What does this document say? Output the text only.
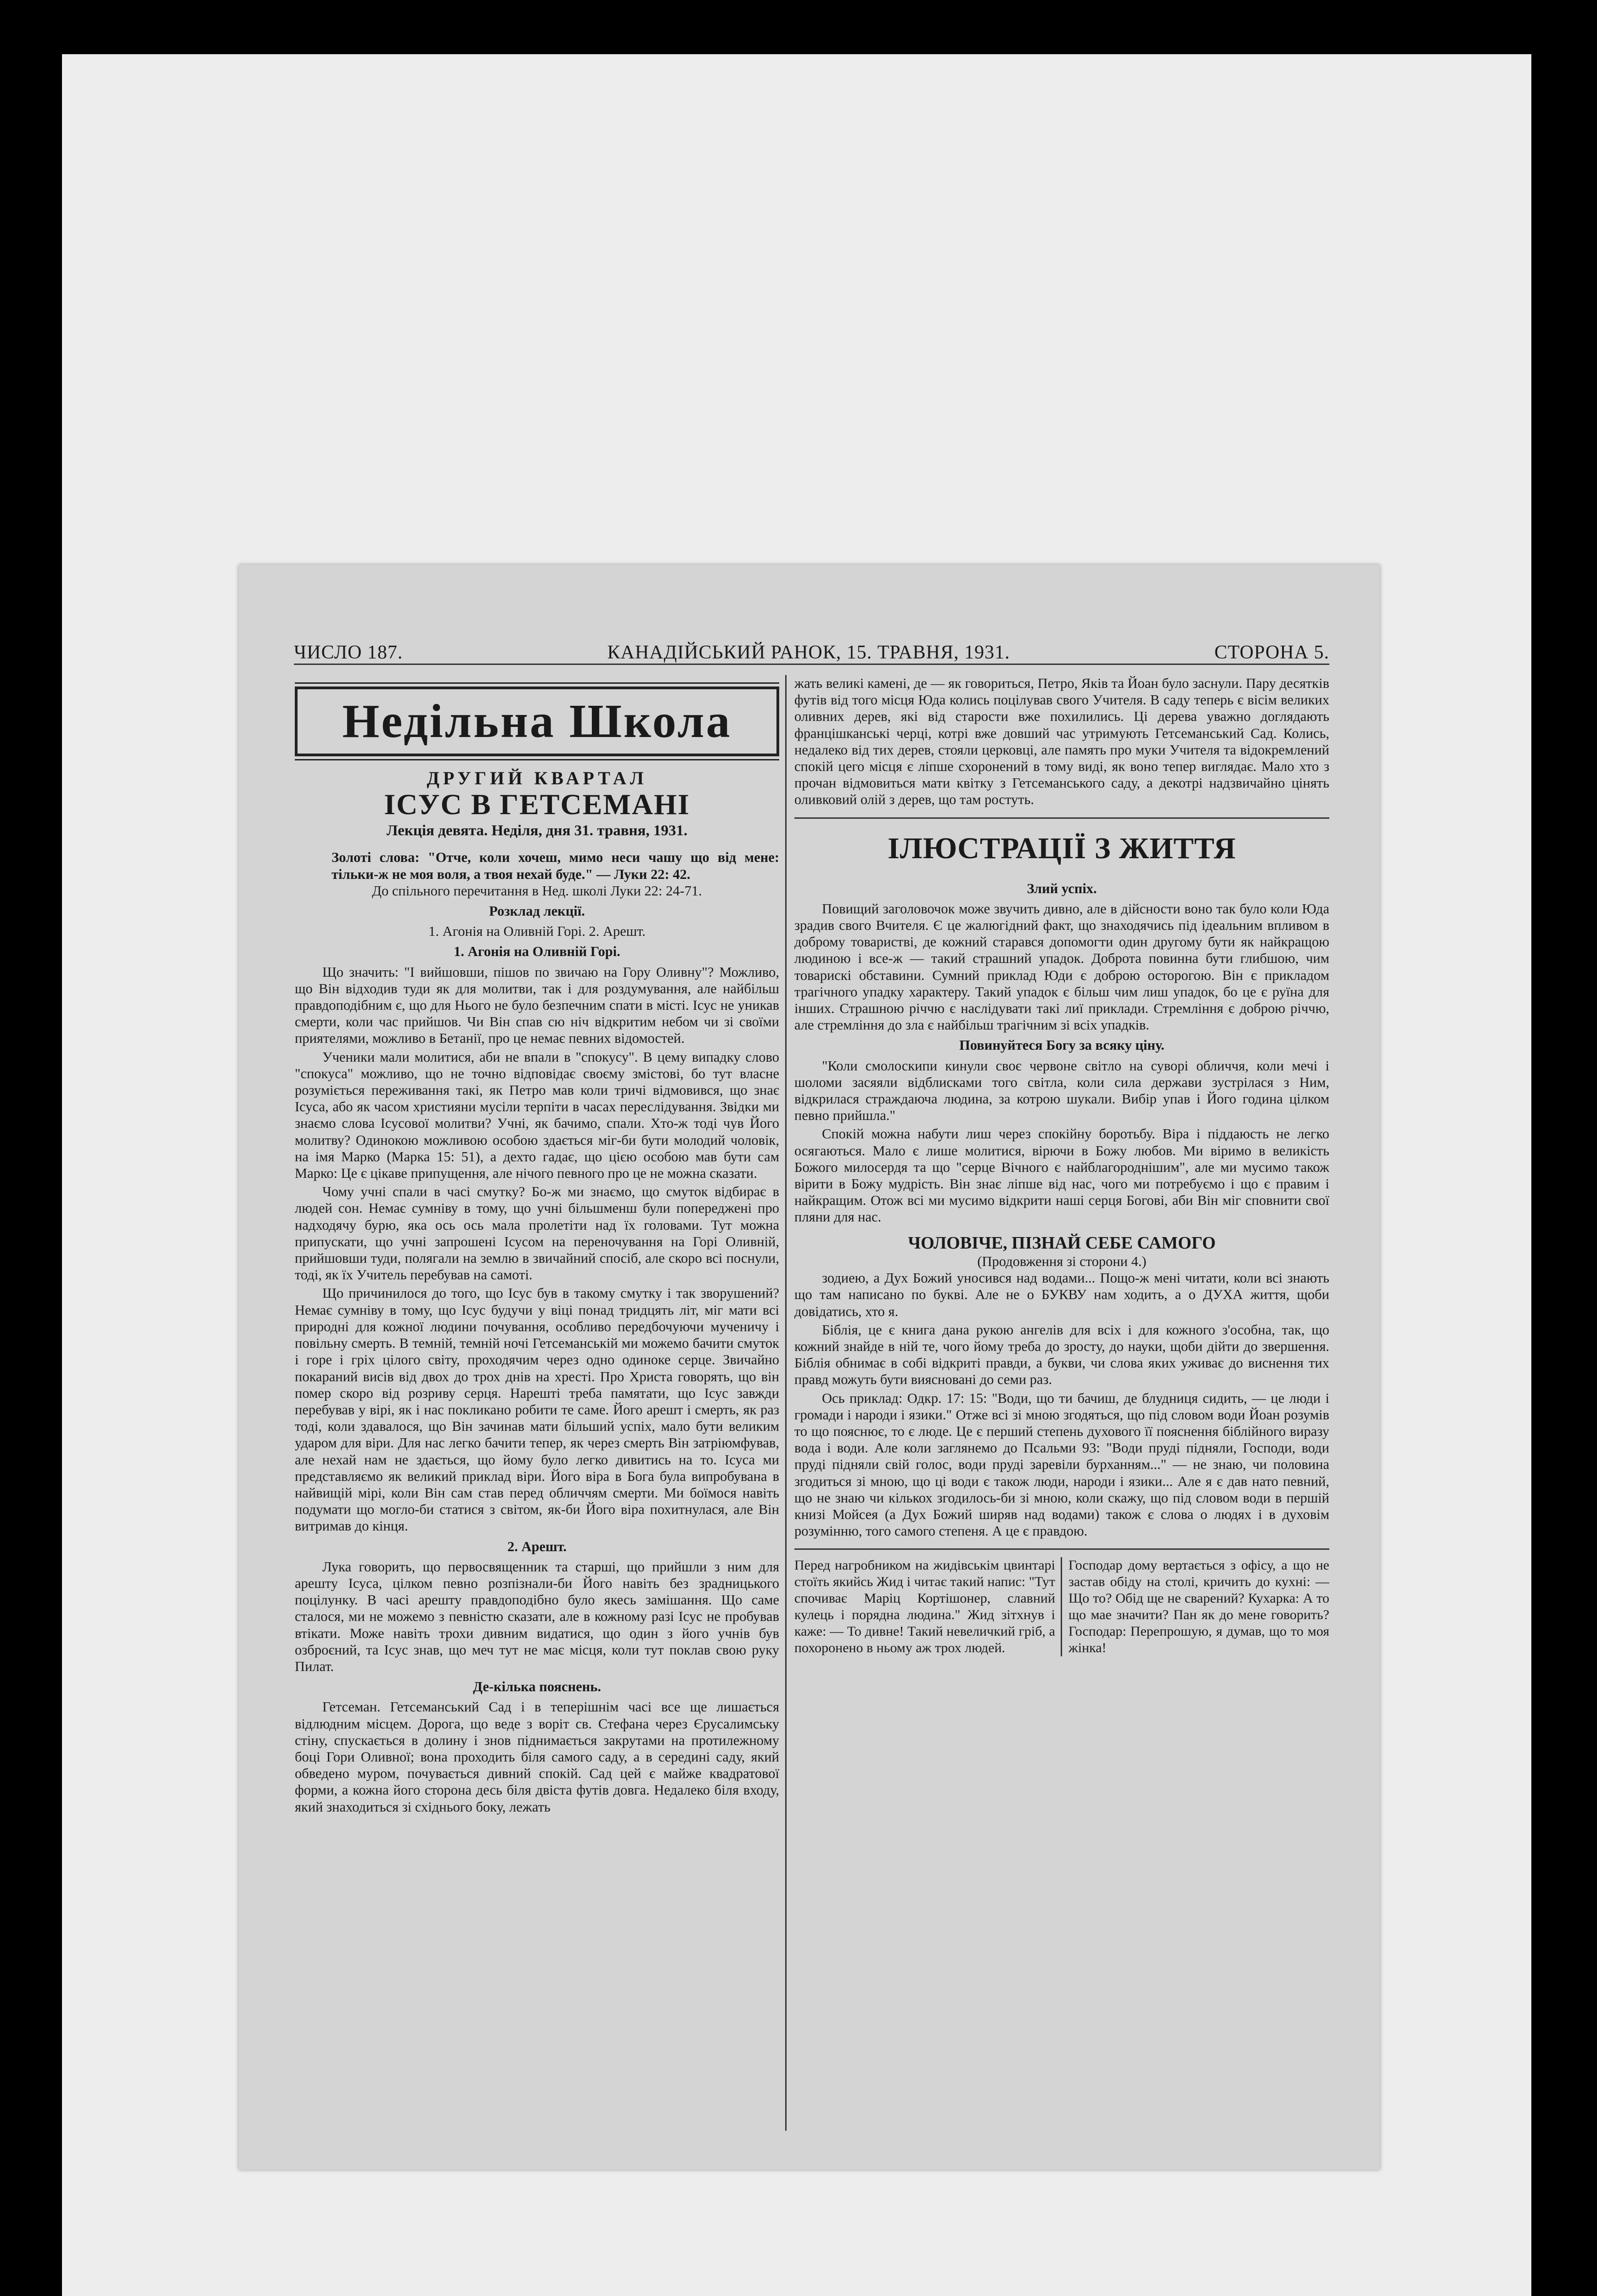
ЧИСЛО 187.	КАНАДІЙСЬКИЙ РАНОК, 15. ТРАВНЯ, 1931.	СТОРОНА 5.
Недільна Школа
ДРУГИЙ КВАРТАЛ
ІСУС В ГЕТСЕМАНІ
Лекція девята. Неділя, дня 31. травня, 1931.
Золоті слова: "Отче, коли хочеш, мимо неси чашу що від мене: тільки-ж не моя воля, а твоя нехай буде." — Луки 22: 42.
До спільного перечитання в Нед. школі Луки 22: 24-71.
Розклад лекції.
1. Агонія на Оливній Горі. 2. Арешт.
1. Агонія на Оливній Горі.

Що значить: "І вийшовши, пішов по звичаю на Гору Оливну"? Можливо, що Він відходив туди як для молитви, так і для роздумування, але найбільш правдоподібним є, що для Нього не було безпечним спати в місті. Ісус не уникав смерти, коли час прийшов. Чи Він спав сю ніч відкритим небом чи зі своїми приятелями, можливо в Бетанії, про це немає певних відомостей.

Ученики мали молитися, аби не впали в "спокусу". В цему випадку слово "спокуса" можливо, що не точно відповідає своєму змістові, бо тут власне розуміється переживання такі, як Петро мав коли тричі відмовився, що знає Ісуса, або як часом християни мусіли терпіти в часах переслідування. Звідки ми знаємо слова Ісусової молитви? Учні, як бачимо, спали. Хто-ж тоді чув Його молитву? Одинокою можливою особою здається міг-би бути молодий чоловік, на імя Марко (Марка 15: 51), а дехто гадає, що цією особою мав бути сам Марко: Це є цікаве припущення, але нічого певного про це не можна сказати.

Чому учні спали в часі смутку? Бо-ж ми знаємо, що смуток відбирає в людей сон. Немає сумніву в тому, що учні більшменш були попереджені про надходячу бурю, яка ось ось мала пролетіти над їх головами. Тут можна припускати, що учні запрошені Ісусом на переночування на Горі Оливній, прийшовши туди, полягали на землю в звичайний спосіб, але скоро всі поснули, тоді, як їх Учитель перебував на самоті.

Що причинилося до того, що Ісус був в такому смутку і так зворушений? Немає сумніву в тому, що Ісус будучи у віці понад тридцять літ, міг мати всі природні для кожної людини почування, особливо передбочуючи мученичу і повільну смерть. В темній, темній ночі Гетсеманській ми можемо бачити смуток і горе і гріх цілого світу, проходячим через одно одиноке серце. Звичайно покараний висів від двох до трох днів на хресті. Про Христа говорять, що він помер скоро від розриву серця. Нарешті треба памятати, що Ісус завжди перебував у вірі, як і нас покликано робити те саме. Його арешт і смерть, як раз тоді, коли здавалося, що Він зачинав мати більший успіх, мало бути великим ударом для віри. Для нас легко бачити тепер, як через смерть Він затріюмфував, але нехай нам не здається, що йому було легко дивитись на то. Ісуса ми представляємо як великий приклад віри. Його віра в Бога була випробувана в найвищій мірі, коли Він сам став перед обличчям смерти. Ми боїмося навіть подумати що могло-би статися з світом, як-би Його віра похитнулася, але Він витримав до кінця.

2. Арешт.

Лука говорить, що первосвященник та старші, що прийшли з ним для арешту Ісуса, цілком певно розпізнали-би Його навіть без зрадницького поцілунку. В часі арешту правдоподібно було якесь замішання. Що саме сталося, ми не можемо з певністю сказати, але в кожному разі Ісус не пробував втікати. Може навіть трохи дивним видатися, що один з його учнів був озброєний, та Ісус знав, що меч тут не має місця, коли тут поклав свою руку Пилат.

Де-кілька пояснень.

Гетсеман. Гетсеманський Сад і в теперішнім часі все ще лишається відлюдним місцем. Дорога, що веде з воріт св. Стефана через Єрусалимську стіну, спускається в долину і знов піднимається закрутами на протилежному боці Гори Оливної; вона проходить біля самого саду, а в середині саду, який обведено муром, почувається дивний спокій. Сад цей є майже квадратової форми, а кожна його сторона десь біля двіста футів довга. Недалеко біля входу, який знаходиться зі східнього боку, лежать

жать великі камені, де — як говориться, Петро, Яків та Йоан було заснули. Пару десятків футів від того місця Юда колись поцілував свого Учителя. В саду теперь є вісім великих оливних дерев, які від старости вже похилились. Ці дерева уважно доглядають францішканські черці, котрі вже довший час утримують Гетсеманський Сад. Колись, недалеко від тих дерев, стояли церковці, але память про муки Учителя та відокремлений спокій цего місця є ліпше схоронений в тому виді, як воно тепер виглядає. Мало хто з прочан відмовиться мати квітку з Гетсеманського саду, а декотрі надзвичайно цінять оливковий олій з дерев, що там ростуть.

ІЛЮСТРАЦІЇ З ЖИТТЯ
Злий успіх.

Повищий заголовочок може звучить дивно, але в дійсности воно так було коли Юда зрадив свого Вчителя. Є це жалюгідний факт, що знаходячись під ідеальним впливом в доброму товаристві, де кожний старався допомогти один другому бути як найкращою людиною і все-ж — такий страшний упадок. Доброта повинна бути глибшою, чим товарискі обставини. Сумний приклад Юди є доброю осторогою. Він є прикладом трагічного упадку характеру. Такий упадок є більш чим лиш упадок, бо це є руїна для інших. Страшною річчю є наслідувати такі лиї приклади. Стремління є доброю річчю, але стремління до зла є найбільш трагічним зі всіх упадків.

Повинуйтеся Богу за всяку ціну.

"Коли смолоскипи кинули своє червоне світло на суворі обличчя, коли мечі і шоломи засяяли відблисками того світла, коли сила держави зустрілася з Ним, відкрилася страждаюча людина, за котрою шукали. Вибір упав і Його година цілком певно прийшла."

Спокій можна набути лиш через спокійну боротьбу. Віра і піддаюсть не легко осягаються. Мало є лише молитися, вірючи в Божу любов. Ми віримо в великість Божого милосердя та що "серце Вічного є найблагороднішим", але ми мусимо також вірити в Божу мудрість. Він знає ліпше від нас, чого ми потребуємо і що є правим і найкращим. Отож всі ми мусимо відкрити наші серця Богові, аби Він міг сповнити свої пляни для нас.

ЧОЛОВІЧЕ, ПІЗНАЙ СЕБЕ САМОГО
(Продовження зі сторони 4.)

зодиею, а Дух Божий уносився над водами... Пощо-ж мені читати, коли всі знають що там написано по букві. Але не о БУКВУ нам ходить, а о ДУХА життя, щоби довідатись, хто я.

Біблія, це є книга дана рукою ангелів для всіх і для кожного з'особна, так, що кожний знайде в ній те, чого йому треба до зросту, до науки, щоби дійти до звершення. Біблія обнимає в собі відкриті правди, а букви, чи слова яких уживає до виснення тих правд можуть бути виясновані до семи раз.

Ось приклад: Одкр. 17: 15: "Води, що ти бачиш, де блудниця сидить, — це люди і громади і народи і язики." Отже всі зі мною згодяться, що під словом води Йоан розумів то що пояснює, то є люде. Це є перший степень духового її пояснення біблійного виразу вода і води. Але коли заглянемо до Псальми 93: "Води пруді підняли, Господи, води пруді підняли свій голос, води пруді заревіли бурханням..." — не знаю, чи половина згодиться зі мною, що ці води є також люди, народи і язики... Але я є дав нато певний, що не знаю чи кількох згодилось-би зі мною, коли скажу, що під словом води в першій книзі Мойсея (а Дух Божий ширяв над водами) також є слова о людях і в духовім розумінню, того самого степеня. А це є правдою.

Перед нагробником на жидівськім цвинтарі стоїть якийсь Жид і читає такий напис: "Тут спочиває Маріц Кортішонер, славний кулець і порядна людина." Жид зітхнув і каже: — То дивне! Такий невеличкий гріб, а похоронено в ньому аж трох людей.
Господар дому вертається з офісу, а що не застав обіду на столі, кричить до кухні: — Що то? Обід ще не сварений? Кухарка: А то що мае значити? Пан як до мене говорить? Господар: Перепрошую, я думав, що то моя жінка!
